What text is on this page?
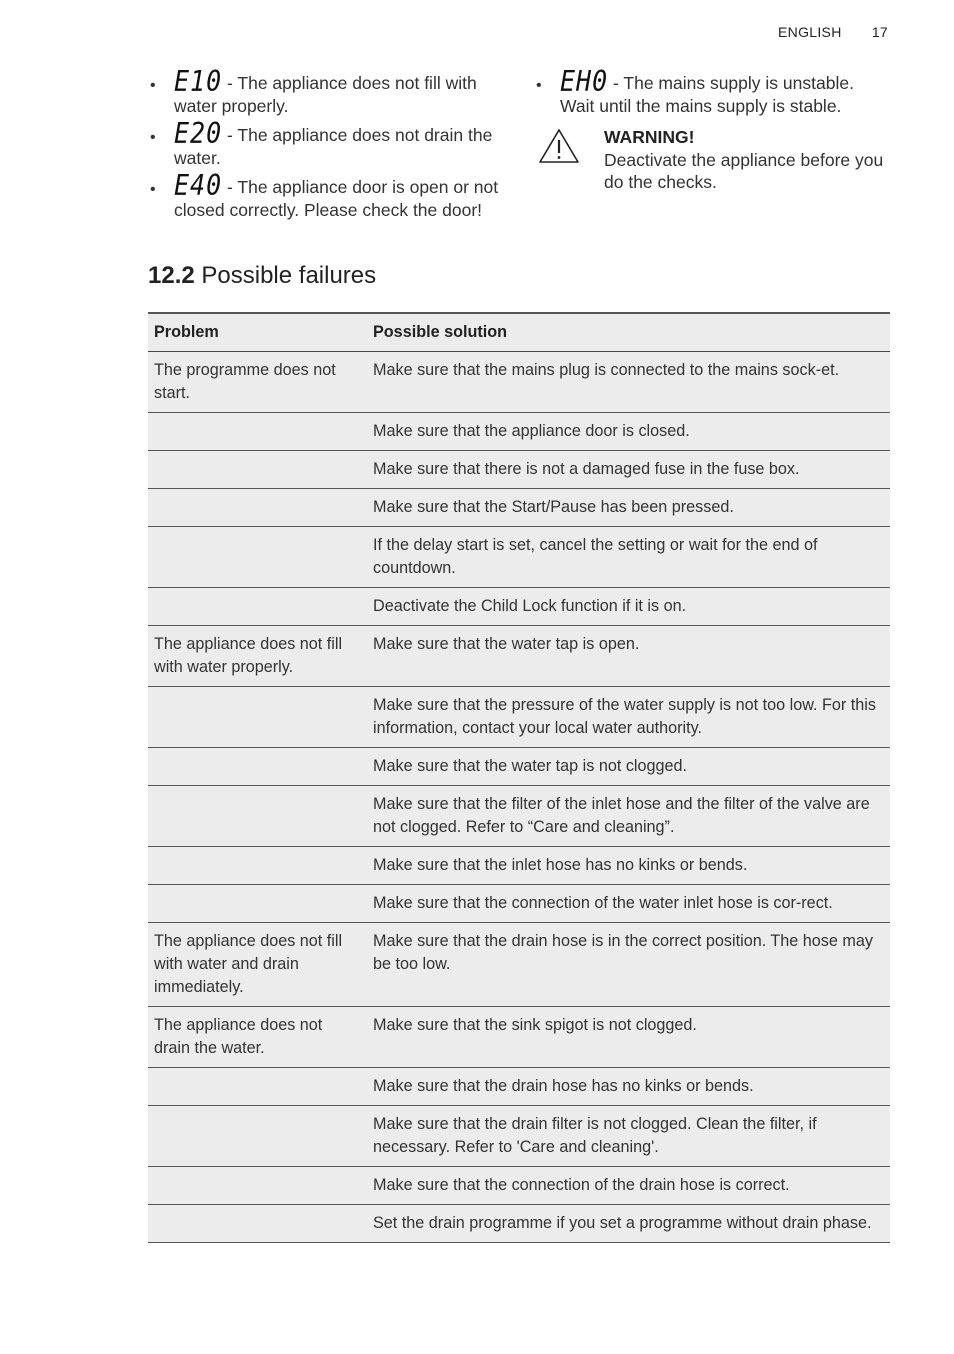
ENGLISH 17
• E10 - The appliance does not fill with water properly.
• E20 - The appliance does not drain the water.
• E40 - The appliance door is open or not closed correctly. Please check the door!
• EH0 - The mains supply is unstable. Wait until the mains supply is stable.
WARNING!
Deactivate the appliance before you do the checks.
12.2 Possible failures
Problem	Possible solution
The programme does not start.	Make sure that the mains plug is connected to the mains sock-et.
	Make sure that the appliance door is closed.
	Make sure that there is not a damaged fuse in the fuse box.
	Make sure that the Start/Pause has been pressed.
	If the delay start is set, cancel the setting or wait for the end of countdown.
	Deactivate the Child Lock function if it is on.
The appliance does not fill with water properly.	Make sure that the water tap is open.
	Make sure that the pressure of the water supply is not too low. For this information, contact your local water authority.
	Make sure that the water tap is not clogged.
	Make sure that the filter of the inlet hose and the filter of the valve are not clogged. Refer to “Care and cleaning”.
	Make sure that the inlet hose has no kinks or bends.
	Make sure that the connection of the water inlet hose is cor-rect.
The appliance does not fill with water and drain immediately.	Make sure that the drain hose is in the correct position. The hose may be too low.
The appliance does not drain the water.	Make sure that the sink spigot is not clogged.
	Make sure that the drain hose has no kinks or bends.
	Make sure that the drain filter is not clogged. Clean the filter, if necessary. Refer to 'Care and cleaning'.
	Make sure that the connection of the drain hose is correct.
	Set the drain programme if you set a programme without drain phase.
